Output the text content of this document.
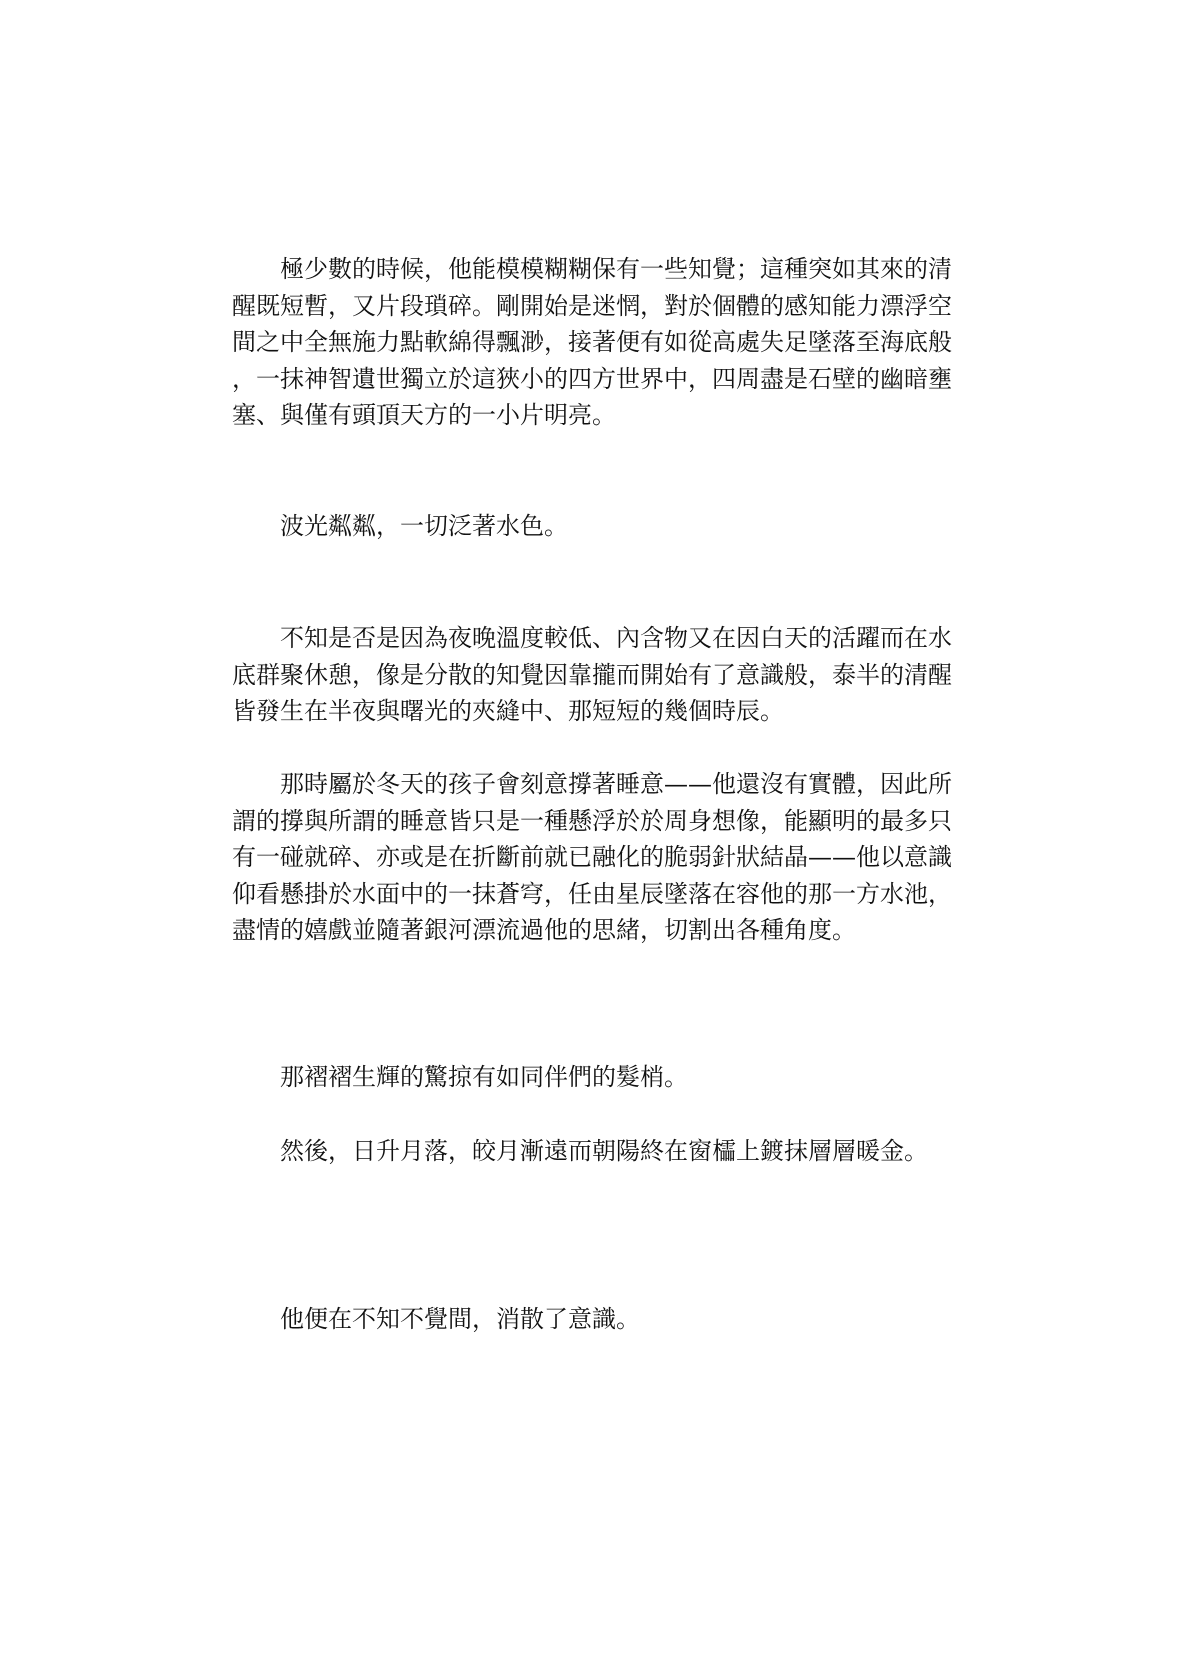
極少數的時候，他能模模糊糊保有一些知覺；這種突如其來的清
醒既短暫，又片段瑣碎。剛開始是迷惘，對於個體的感知能力漂浮空
間之中全無施力點軟綿得飄渺，接著便有如從高處失足墜落至海底般
，一抹神智遺世獨立於這狹小的四方世界中，四周盡是石壁的幽暗壅
塞、與僅有頭頂天方的一小片明亮。
波光粼粼，一切泛著水色。
不知是否是因為夜晚溫度較低、內含物又在因白天的活躍而在水
底群聚休憩，像是分散的知覺因靠攏而開始有了意識般，泰半的清醒
皆發生在半夜與曙光的夾縫中、那短短的幾個時辰。
那時屬於冬天的孩子會刻意撐著睡意——他還沒有實體，因此所
謂的撐與所謂的睡意皆只是一種懸浮於於周身想像，能顯明的最多只
有一碰就碎、亦或是在折斷前就已融化的脆弱針狀結晶——他以意識
仰看懸掛於水面中的一抹蒼穹，任由星辰墜落在容他的那一方水池，
盡情的嬉戲並隨著銀河漂流過他的思緒，切割出各種角度。
那褶褶生輝的驚掠有如同伴們的髮梢。
然後，日升月落，皎月漸遠而朝陽終在窗櫺上鍍抹層層暖金。
他便在不知不覺間，消散了意識。
